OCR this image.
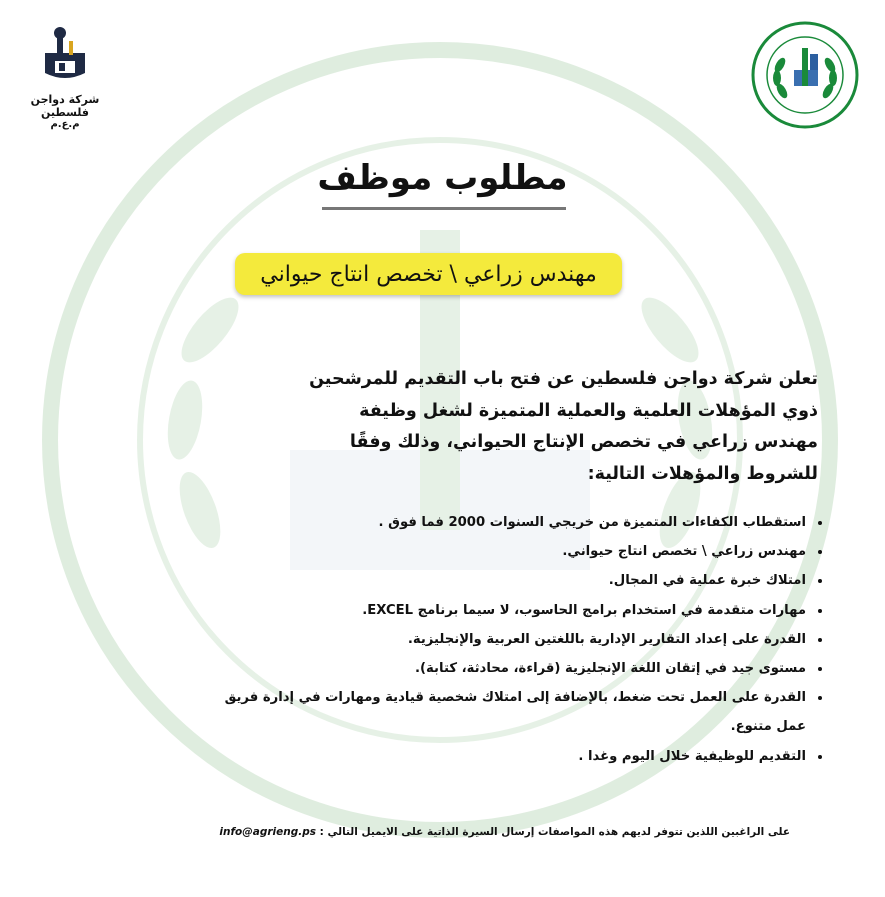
شركة دواجن فلسطين
م.ع.م
مطلوب موظف
مهندس زراعي \ تخصص انتاج حيواني
تعلن شركة دواجن فلسطين عن فتح باب التقديم للمرشحين ذوي المؤهلات العلمية والعملية المتميزة لشغل وظيفة مهندس زراعي في تخصص الإنتاج الحيواني، وذلك وفقًا للشروط والمؤهلات التالية:
• استقطاب الكفاءات المتميزة من خريجي السنوات 2000 فما فوق .
• مهندس زراعي \ تخصص انتاج حيواني.
• امتلاك خبرة عملية في المجال.
• مهارات متقدمة في استخدام برامج الحاسوب، لا سيما برنامج EXCEL.
• القدرة على إعداد التقارير الإدارية باللغتين العربية والإنجليزية.
• مستوى جيد في إتقان اللغة الإنجليزية (قراءة، محادثة، كتابة).
• القدرة على العمل تحت ضغط، بالإضافة إلى امتلاك شخصية قيادية ومهارات في إدارة فريق عمل متنوع.
• التقديم للوظيفية خلال اليوم وغدا .
على الراغبين اللذين تتوفر لديهم هذه المواصفات إرسال السيرة الذاتية على الايميل التالي : info@agrieng.ps
